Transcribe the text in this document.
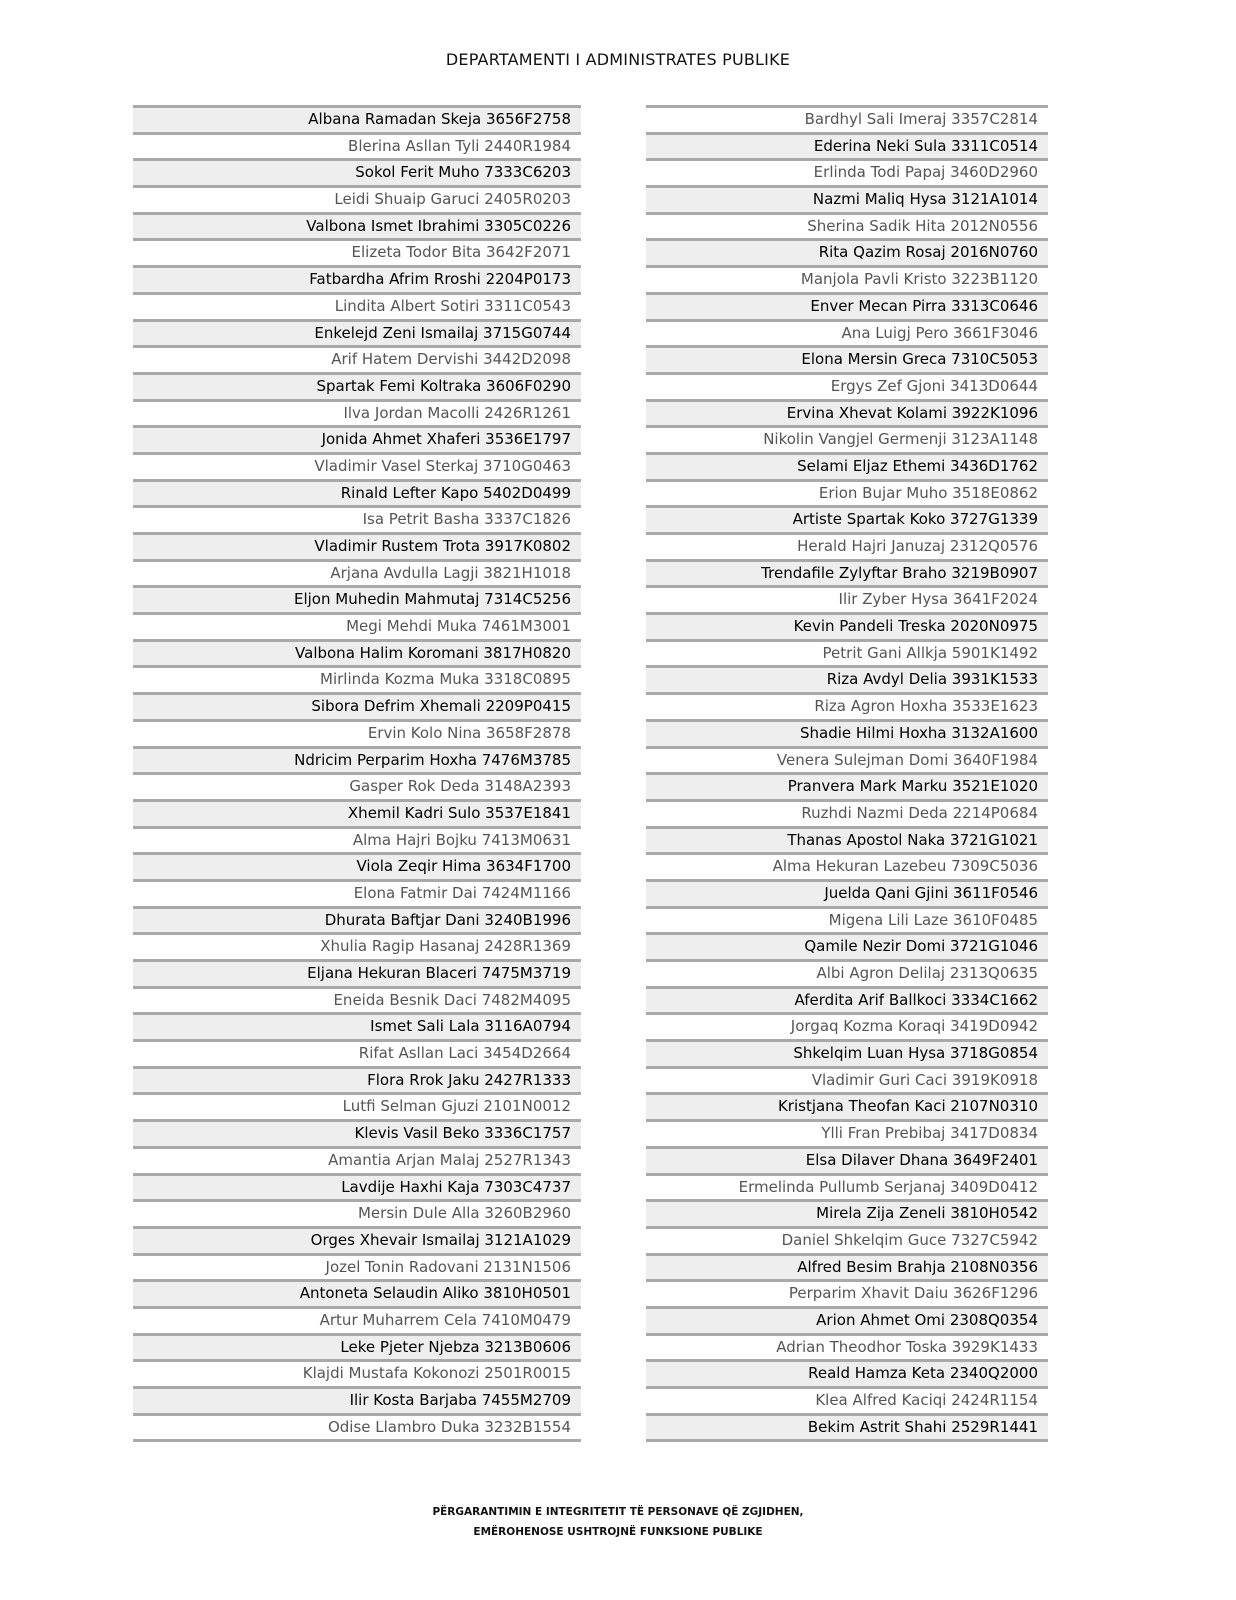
DEPARTAMENTI I ADMINISTRATES PUBLIKE
Albana Ramadan Skeja 3656F2758
Blerina Asllan Tyli 2440R1984
Sokol Ferit Muho 7333C6203
Leidi Shuaip Garuci 2405R0203
Valbona Ismet Ibrahimi 3305C0226
Elizeta Todor Bita 3642F2071
Fatbardha Afrim Rroshi 2204P0173
Lindita Albert Sotiri 3311C0543
Enkelejd Zeni Ismailaj 3715G0744
Arif Hatem Dervishi 3442D2098
Spartak Femi Koltraka 3606F0290
Ilva Jordan Macolli 2426R1261
Jonida Ahmet Xhaferi 3536E1797
Vladimir Vasel Sterkaj 3710G0463
Rinald Lefter Kapo 5402D0499
Isa Petrit Basha 3337C1826
Vladimir Rustem Trota 3917K0802
Arjana Avdulla Lagji 3821H1018
Eljon Muhedin Mahmutaj 7314C5256
Megi Mehdi Muka 7461M3001
Valbona Halim Koromani 3817H0820
Mirlinda Kozma Muka 3318C0895
Sibora Defrim Xhemali 2209P0415
Ervin Kolo Nina 3658F2878
Ndricim Perparim Hoxha 7476M3785
Gasper Rok Deda 3148A2393
Xhemil Kadri Sulo 3537E1841
Alma Hajri Bojku 7413M0631
Viola Zeqir Hima 3634F1700
Elona Fatmir Dai 7424M1166
Dhurata Baftjar Dani 3240B1996
Xhulia Ragip Hasanaj 2428R1369
Eljana Hekuran Blaceri 7475M3719
Eneida Besnik Daci 7482M4095
Ismet Sali Lala 3116A0794
Rifat Asllan Laci 3454D2664
Flora Rrok Jaku 2427R1333
Lutfi Selman Gjuzi 2101N0012
Klevis Vasil Beko 3336C1757
Amantia Arjan Malaj 2527R1343
Lavdije Haxhi Kaja 7303C4737
Mersin Dule Alla 3260B2960
Orges Xhevair Ismailaj 3121A1029
Jozel Tonin Radovani 2131N1506
Antoneta Selaudin Aliko 3810H0501
Artur Muharrem Cela 7410M0479
Leke Pjeter Njebza 3213B0606
Klajdi Mustafa Kokonozi 2501R0015
Ilir Kosta Barjaba 7455M2709
Odise Llambro Duka 3232B1554
Bardhyl Sali Imeraj 3357C2814
Ederina Neki Sula 3311C0514
Erlinda Todi Papaj 3460D2960
Nazmi Maliq Hysa 3121A1014
Sherina Sadik Hita 2012N0556
Rita Qazim Rosaj 2016N0760
Manjola Pavli Kristo 3223B1120
Enver Mecan Pirra 3313C0646
Ana Luigj Pero 3661F3046
Elona Mersin Greca 7310C5053
Ergys Zef Gjoni 3413D0644
Ervina Xhevat Kolami 3922K1096
Nikolin Vangjel Germenji 3123A1148
Selami Eljaz Ethemi 3436D1762
Erion Bujar Muho 3518E0862
Artiste Spartak Koko 3727G1339
Herald Hajri Januzaj 2312Q0576
Trendafile Zylyftar Braho 3219B0907
Ilir Zyber Hysa 3641F2024
Kevin Pandeli Treska 2020N0975
Petrit Gani Allkja 5901K1492
Riza Avdyl Delia 3931K1533
Riza Agron Hoxha 3533E1623
Shadie Hilmi Hoxha 3132A1600
Venera Sulejman Domi 3640F1984
Pranvera Mark Marku 3521E1020
Ruzhdi Nazmi Deda 2214P0684
Thanas Apostol Naka 3721G1021
Alma Hekuran Lazebeu 7309C5036
Juelda Qani Gjini 3611F0546
Migena Lili Laze 3610F0485
Qamile Nezir Domi 3721G1046
Albi Agron Delilaj 2313Q0635
Aferdita Arif Ballkoci 3334C1662
Jorgaq Kozma Koraqi 3419D0942
Shkelqim Luan Hysa 3718G0854
Vladimir Guri Caci 3919K0918
Kristjana Theofan Kaci 2107N0310
Ylli Fran Prebibaj 3417D0834
Elsa Dilaver Dhana 3649F2401
Ermelinda Pullumb Serjanaj 3409D0412
Mirela Zija Zeneli 3810H0542
Daniel Shkelqim Guce 7327C5942
Alfred Besim Brahja 2108N0356
Perparim Xhavit Daiu 3626F1296
Arion Ahmet Omi 2308Q0354
Adrian Theodhor Toska 3929K1433
Reald Hamza Keta 2340Q2000
Klea Alfred Kaciqi 2424R1154
Bekim Astrit Shahi 2529R1441
PËRGARANTIMIN E INTEGRITETIT TË PERSONAVE QË ZGJIDHEN,
EMËROHENOSE USHTROJNË FUNKSIONE PUBLIKE
